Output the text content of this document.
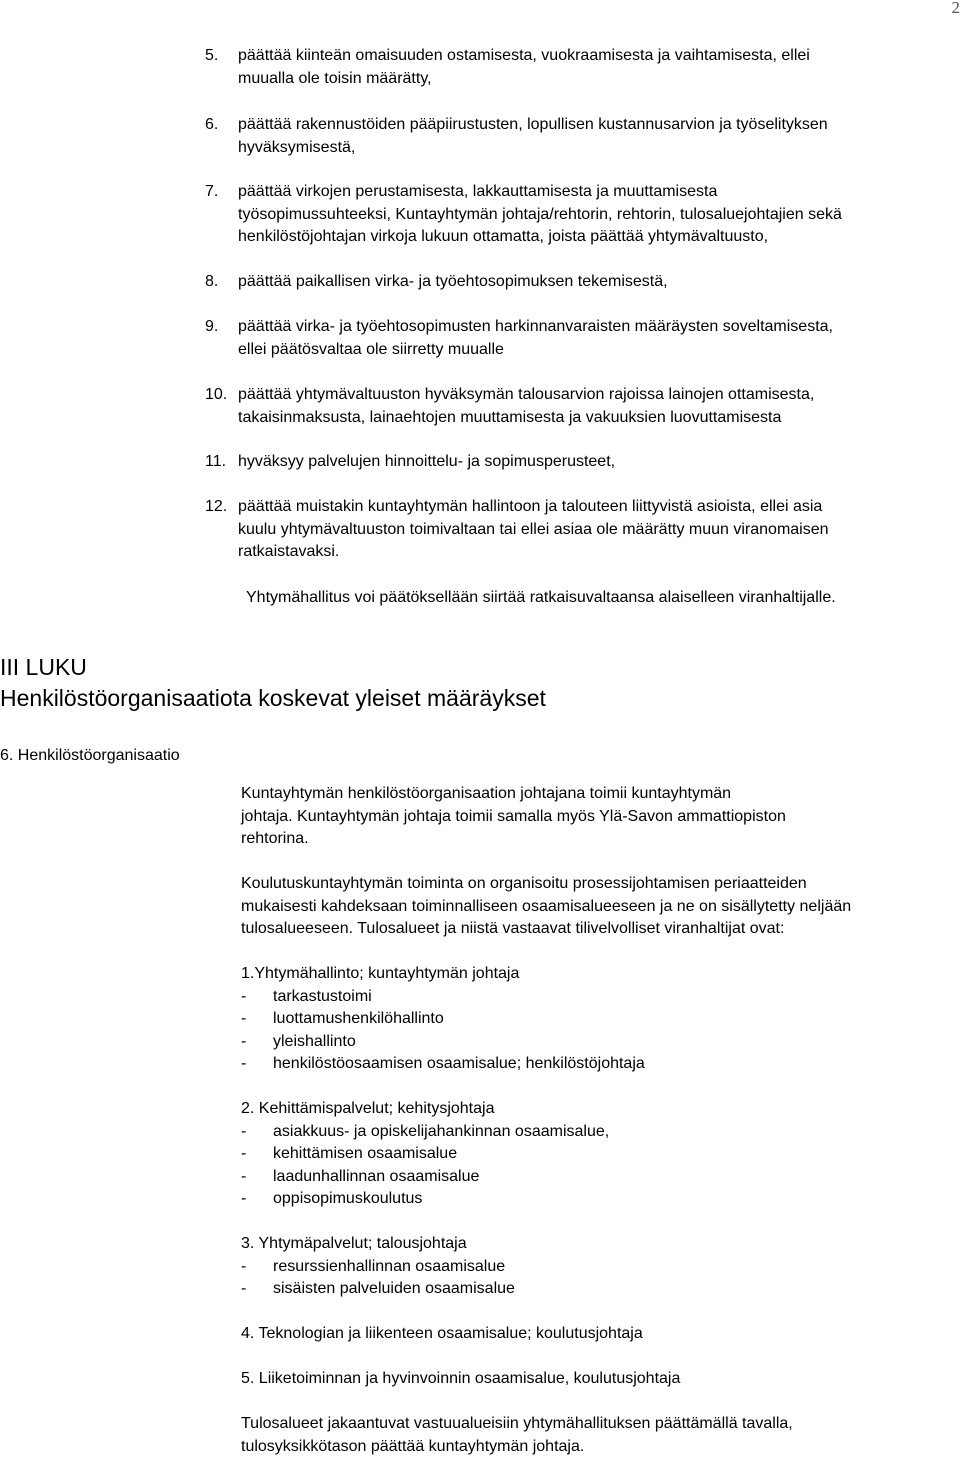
2
5. päättää kiinteän omaisuuden ostamisesta, vuokraamisesta ja vaihtamisesta, ellei
muualla ole toisin määrätty,
6. päättää rakennustöiden pääpiirustusten, lopullisen kustannusarvion ja työselityksen
hyväksymisestä,
7. päättää virkojen perustamisesta, lakkauttamisesta ja muuttamisesta
työsopimussuhteeksi, Kuntayhtymän johtaja/rehtorin, rehtorin, tulosaluejohtajien sekä
henkilöstöjohtajan virkoja lukuun ottamatta, joista päättää yhtymävaltuusto,
8. päättää paikallisen virka- ja työehtosopimuksen tekemisestä,
9. päättää virka- ja työehtosopimusten harkinnanvaraisten määräysten soveltamisesta,
ellei päätösvaltaa ole siirretty muualle
10. päättää yhtymävaltuuston hyväksymän talousarvion rajoissa lainojen ottamisesta,
takaisinmaksusta, lainaehtojen muuttamisesta ja vakuuksien luovuttamisesta
11. hyväksyy palvelujen hinnoittelu- ja sopimusperusteet,
12. päättää muistakin kuntayhtymän hallintoon ja talouteen liittyvistä asioista, ellei asia
kuulu yhtymävaltuuston toimivaltaan tai ellei asiaa ole määrätty muun viranomaisen
ratkaistavaksi.
Yhtymähallitus voi päätöksellään siirtää ratkaisuvaltaansa alaiselleen viranhaltijalle.
III LUKU
Henkilöstöorganisaatiota koskevat yleiset määräykset
6. Henkilöstöorganisaatio
Kuntayhtymän henkilöstöorganisaation johtajana toimii kuntayhtymän
johtaja. Kuntayhtymän johtaja toimii samalla myös Ylä-Savon ammattiopiston
rehtorina.
Koulutuskuntayhtymän toiminta on organisoitu prosessijohtamisen periaatteiden
mukaisesti kahdeksaan toiminnalliseen osaamisalueeseen ja ne on sisällytetty neljään
tulosalueeseen. Tulosalueet ja niistä vastaavat tilivelvolliset viranhaltijat ovat:
1.Yhtymähallinto; kuntayhtymän johtaja
- tarkastustoimi
- luottamushenkilöhallinto
- yleishallinto
- henkilöstöosaamisen osaamisalue; henkilöstöjohtaja
2. Kehittämispalvelut; kehitysjohtaja
- asiakkuus- ja opiskelijahankinnan osaamisalue,
- kehittämisen osaamisalue
- laadunhallinnan osaamisalue
- oppisopimuskoulutus
3. Yhtymäpalvelut; talousjohtaja
- resurssienhallinnan osaamisalue
- sisäisten palveluiden osaamisalue
4. Teknologian ja liikenteen osaamisalue; koulutusjohtaja
5. Liiketoiminnan ja hyvinvoinnin osaamisalue, koulutusjohtaja
Tulosalueet jakaantuvat vastuualueisiin yhtymähallituksen päättämällä tavalla,
tulosyksikkötason päättää kuntayhtymän johtaja.
